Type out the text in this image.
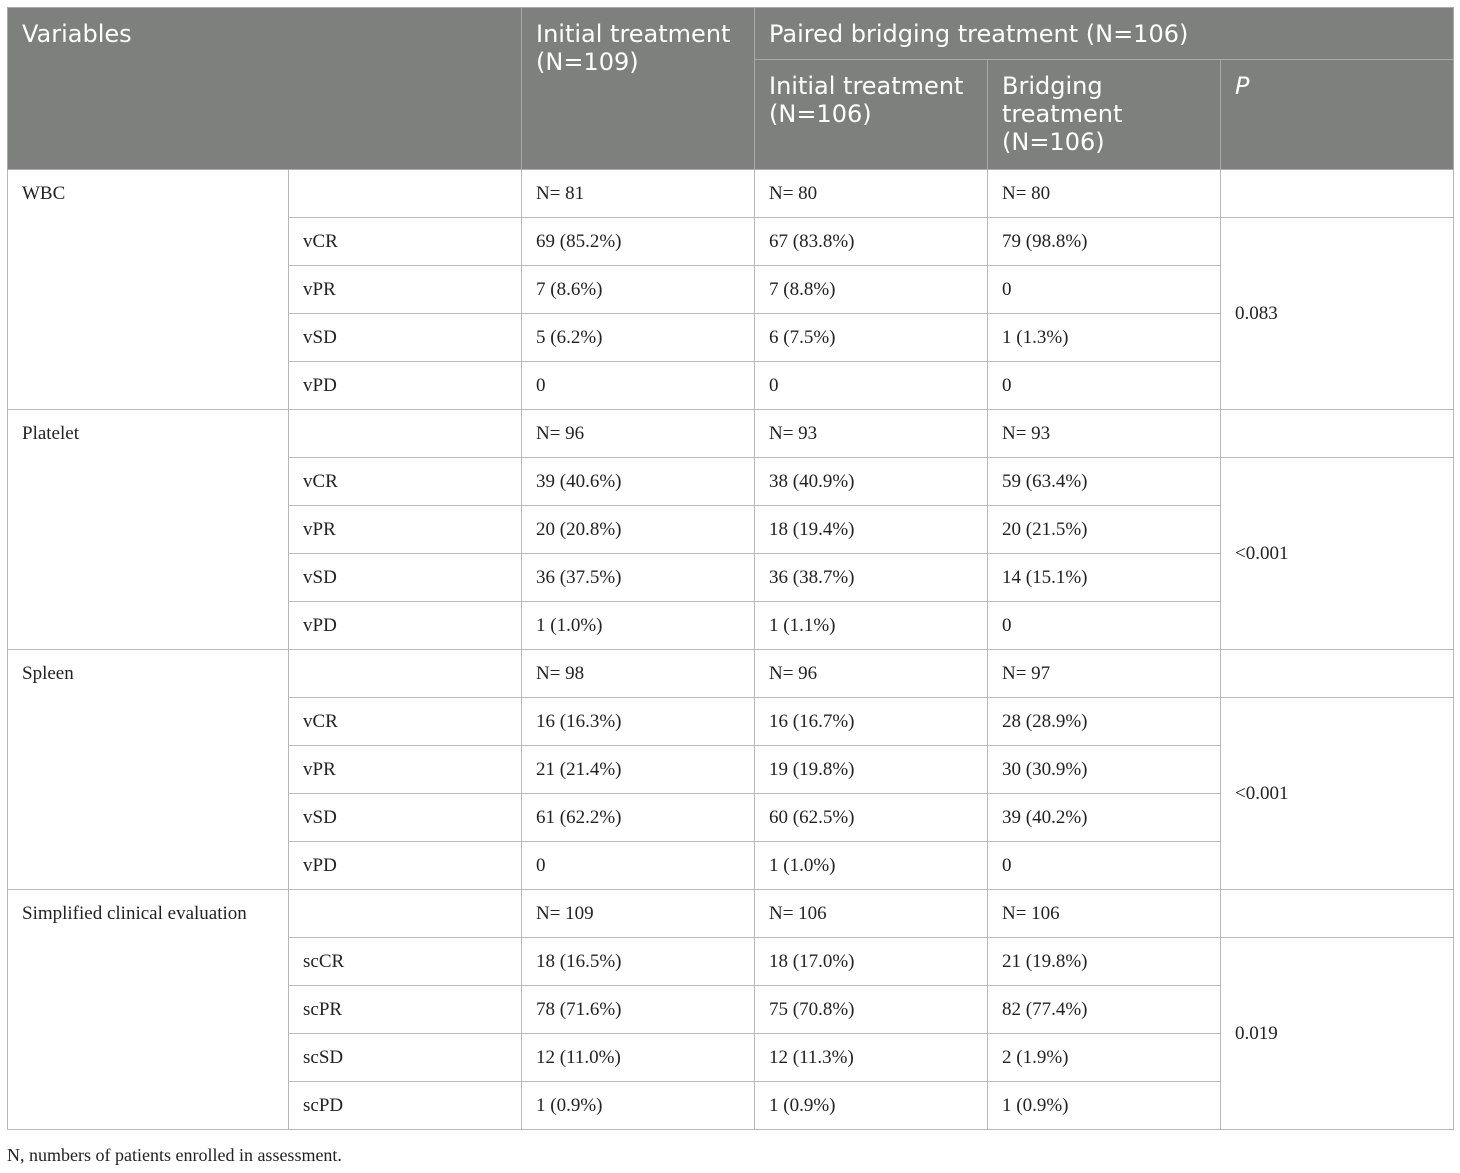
Variables		Initial treatment (N=109)	Paired bridging treatment (N=106)		
			Initial treatment (N=106)	Bridging treatment (N=106)	P
WBC		N= 81	N= 80	N= 80	
	vCR	69 (85.2%)	67 (83.8%)	79 (98.8%)	0.083
	vPR	7 (8.6%)	7 (8.8%)	0	
	vSD	5 (6.2%)	6 (7.5%)	1 (1.3%)	
	vPD	0	0	0	
Platelet		N= 96	N= 93	N= 93	
	vCR	39 (40.6%)	38 (40.9%)	59 (63.4%)	<0.001
	vPR	20 (20.8%)	18 (19.4%)	20 (21.5%)	
	vSD	36 (37.5%)	36 (38.7%)	14 (15.1%)	
	vPD	1 (1.0%)	1 (1.1%)	0	
Spleen		N= 98	N= 96	N= 97	
	vCR	16 (16.3%)	16 (16.7%)	28 (28.9%)	<0.001
	vPR	21 (21.4%)	19 (19.8%)	30 (30.9%)	
	vSD	61 (62.2%)	60 (62.5%)	39 (40.2%)	
	vPD	0	1 (1.0%)	0	
Simplified clinical evaluation		N= 109	N= 106	N= 106	
	scCR	18 (16.5%)	18 (17.0%)	21 (19.8%)	0.019
	scPR	78 (71.6%)	75 (70.8%)	82 (77.4%)	
	scSD	12 (11.0%)	12 (11.3%)	2 (1.9%)	
	scPD	1 (0.9%)	1 (0.9%)	1 (0.9%)	
N, numbers of patients enrolled in assessment.
